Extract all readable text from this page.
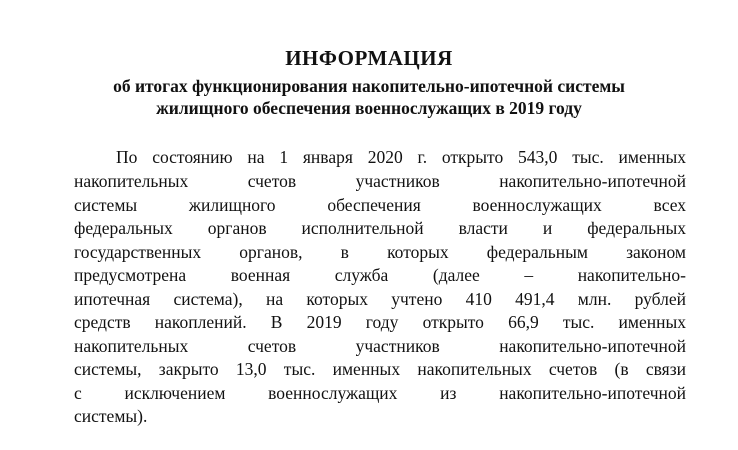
ИНФОРМАЦИЯ
об итогах функционирования накопительно-ипотечной системы
жилищного обеспечения военнослужащих в 2019 году
По состоянию на 1 января 2020 г. открыто 543,0 тыс. именных
накопительных счетов участников накопительно-ипотечной
системы жилищного обеспечения военнослужащих всех
федеральных органов исполнительной власти и федеральных
государственных органов, в которых федеральным законом
предусмотрена военная служба (далее – накопительно-
ипотечная система), на которых учтено 410 491,4 млн. рублей
средств накоплений. В 2019 году открыто 66,9 тыс. именных
накопительных счетов участников накопительно-ипотечной
системы, закрыто 13,0 тыс. именных накопительных счетов (в связи
с исключением военнослужащих из накопительно-ипотечной
системы).
